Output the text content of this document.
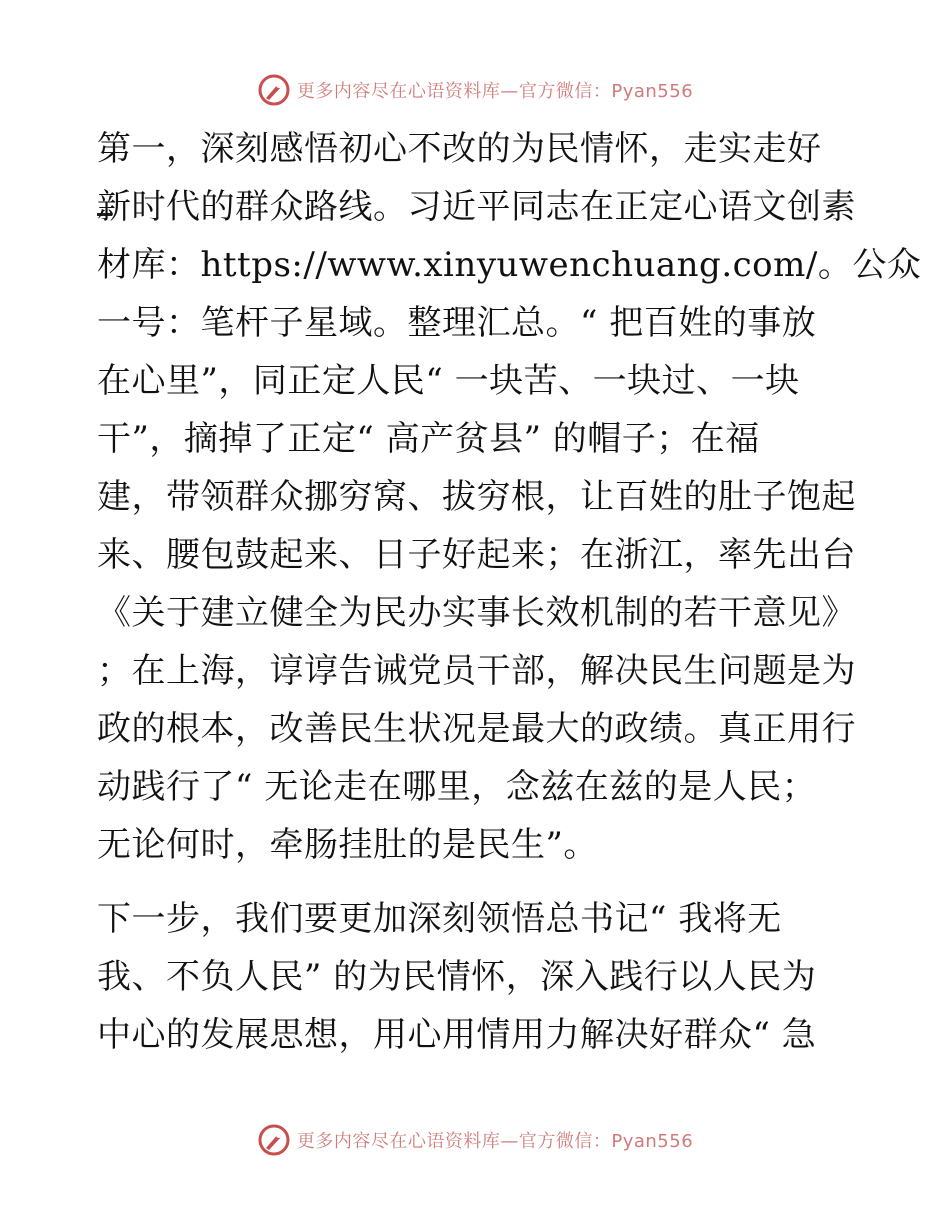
更多内容尽在心语资料库—官方微信：Pyan556
第一，深刻感悟初心不改的为民情怀，走实走好
新时代的群众路线。习近平同志在正定心语文创素
材库：https://www.xinyuwenchuang.com/。公众
一号：笔杆子星域。整理汇总。“ 把百姓的事放
在心里”，同正定人民“ 一块苦、一块过、一块
干”，摘掉了正定“ 高产贫县” 的帽子；在福
建，带领群众挪穷窝、拔穷根，让百姓的肚子饱起
来、腰包鼓起来、日子好起来；在浙江，率先出台
《关于建立健全为民办实事长效机制的若干意见》
；在上海，谆谆告诫党员干部，解决民生问题是为
政的根本，改善民生状况是最大的政绩。真正用行
动践行了“ 无论走在哪里，念兹在兹的是人民；
无论何时，牵肠挂肚的是民生”。
下一步，我们要更加深刻领悟总书记“ 我将无
我、不负人民” 的为民情怀，深入践行以人民为
中心的发展思想，用心用情用力解决好群众“ 急
更多内容尽在心语资料库—官方微信：Pyan556
